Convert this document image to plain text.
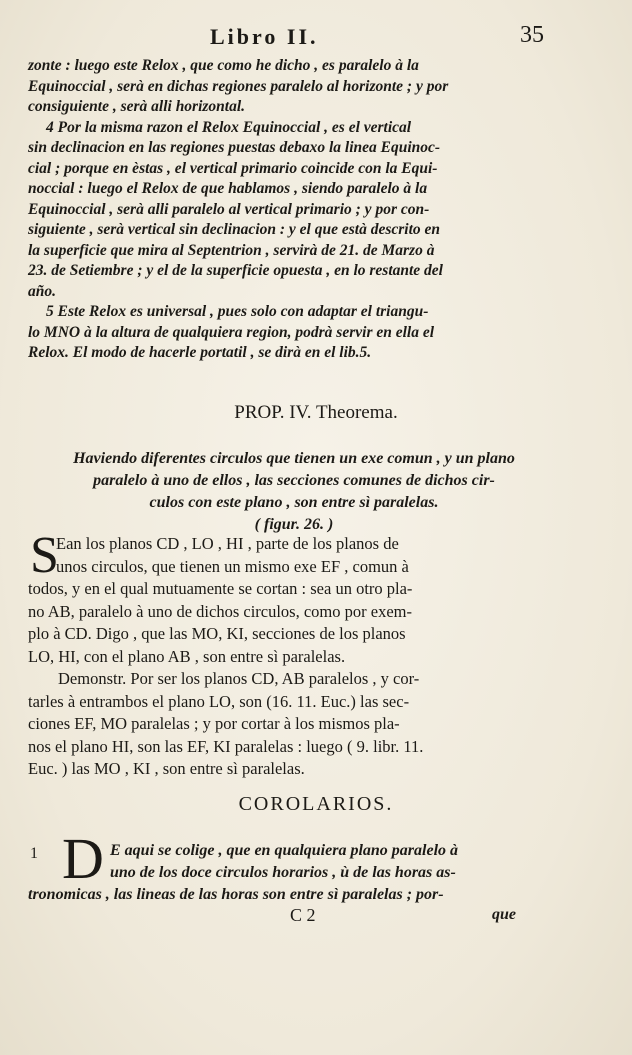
Libro II.	35
zonte : luego este Relox , que como he dicho , es paralelo à la
Equinoccial , serà en dichas regiones paralelo al horizonte ; y por
consiguiente , serà alli horizontal.
4 Por la misma razon el Relox Equinoccial , es el vertical
sin declinacion en las regiones puestas debaxo la linea Equinoc-
cial ; porque en èstas , el vertical primario coincide con la Equi-
noccial : luego el Relox de que hablamos , siendo paralelo à la
Equinoccial , serà alli paralelo al vertical primario ; y por con-
siguiente , serà vertical sin declinacion : y el que està descrito en
la superficie que mira al Septentrion , servirà de 21. de Marzo à
23. de Setiembre ; y el de la superficie opuesta , en lo restante del
año.
5 Este Relox es universal , pues solo con adaptar el triangu-
lo MNO à la altura de qualquiera region, podrà servir en ella el
Relox. El modo de hacerle portatil , se dirà en el lib.5.
PROP. IV. Theorema.
Haviendo diferentes circulos que tienen un exe comun , y un plano
paralelo à uno de ellos , las secciones comunes de dichos cir-
culos con este plano , son entre sì paralelas.
( figur. 26. )
S
Ean los planos CD , LO , HI , parte de los planos de
unos circulos, que tienen un mismo exe EF , comun à
todos, y en el qual mutuamente se cortan : sea un otro pla-
no AB, paralelo à uno de dichos circulos, como por exem-
plo à CD. Digo , que las MO, KI, secciones de los planos
LO, HI, con el plano AB , son entre sì paralelas.
Demonstr. Por ser los planos CD, AB paralelos , y cor-
tarles à entrambos el plano LO, son (16. 11. Euc.) las sec-
ciones EF, MO paralelas ; y por cortar à los mismos pla-
nos el plano HI, son las EF, KI paralelas : luego ( 9. libr. 11.
Euc. ) las MO , KI , son entre sì paralelas.
COROLARIOS.
1 D E aqui se colige , que en qualquiera plano paralelo à
uno de los doce circulos horarios , ù de las horas as-
tronomicas , las lineas de las horas son entre sì paralelas ; por-
C 2	que
